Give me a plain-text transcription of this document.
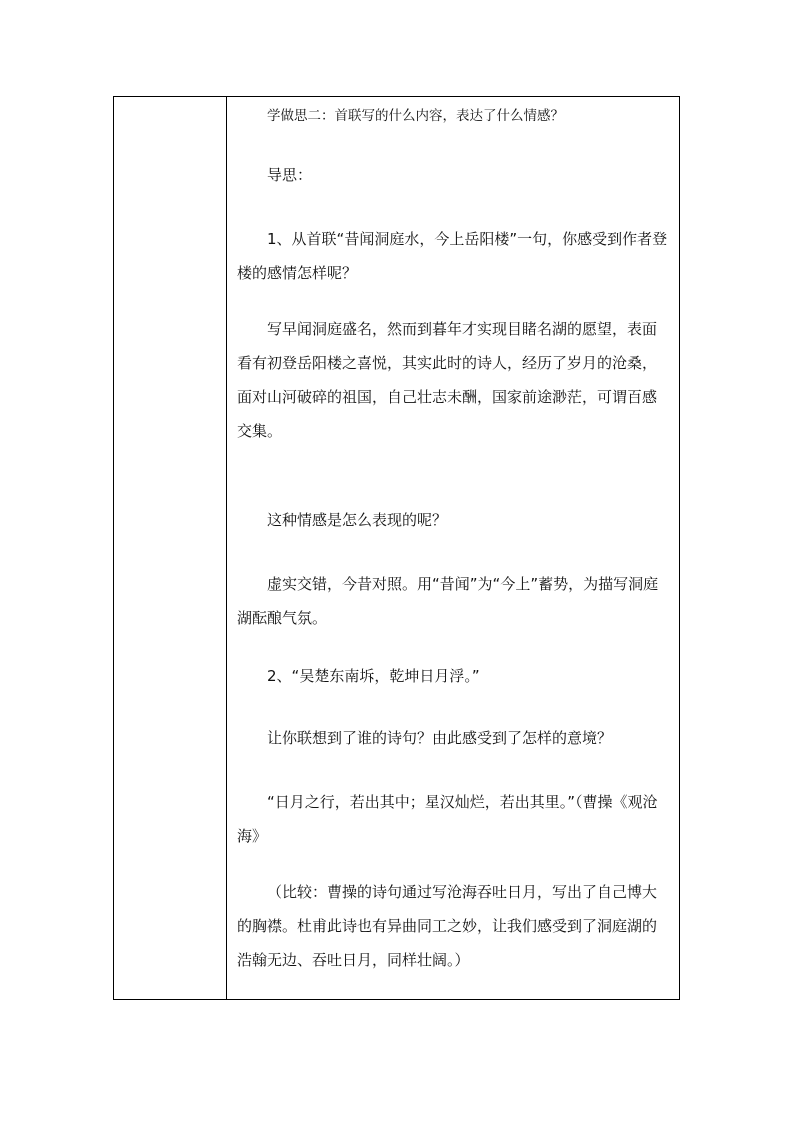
学做思二：首联写的什么内容，表达了什么情感？

导思：

1、从首联“昔闻洞庭水，今上岳阳楼”一句，你感受到作者登楼的感情怎样呢？

写早闻洞庭盛名，然而到暮年才实现目睹名湖的愿望，表面看有初登岳阳楼之喜悦，其实此时的诗人，经历了岁月的沧桑，面对山河破碎的祖国，自己壮志未酬，国家前途渺茫，可谓百感交集。

这种情感是怎么表现的呢？

虚实交错，今昔对照。用“昔闻”为“今上”蓄势，为描写洞庭湖酝酿气氛。

2、“吴楚东南坼，乾坤日月浮。”

让你联想到了谁的诗句？由此感受到了怎样的意境？

“日月之行，若出其中；星汉灿烂，若出其里。”（曹操《观沧海》

（比较：曹操的诗句通过写沧海吞吐日月，写出了自己博大的胸襟。杜甫此诗也有异曲同工之妙，让我们感受到了洞庭湖的浩翰无边、吞吐日月，同样壮阔。）
